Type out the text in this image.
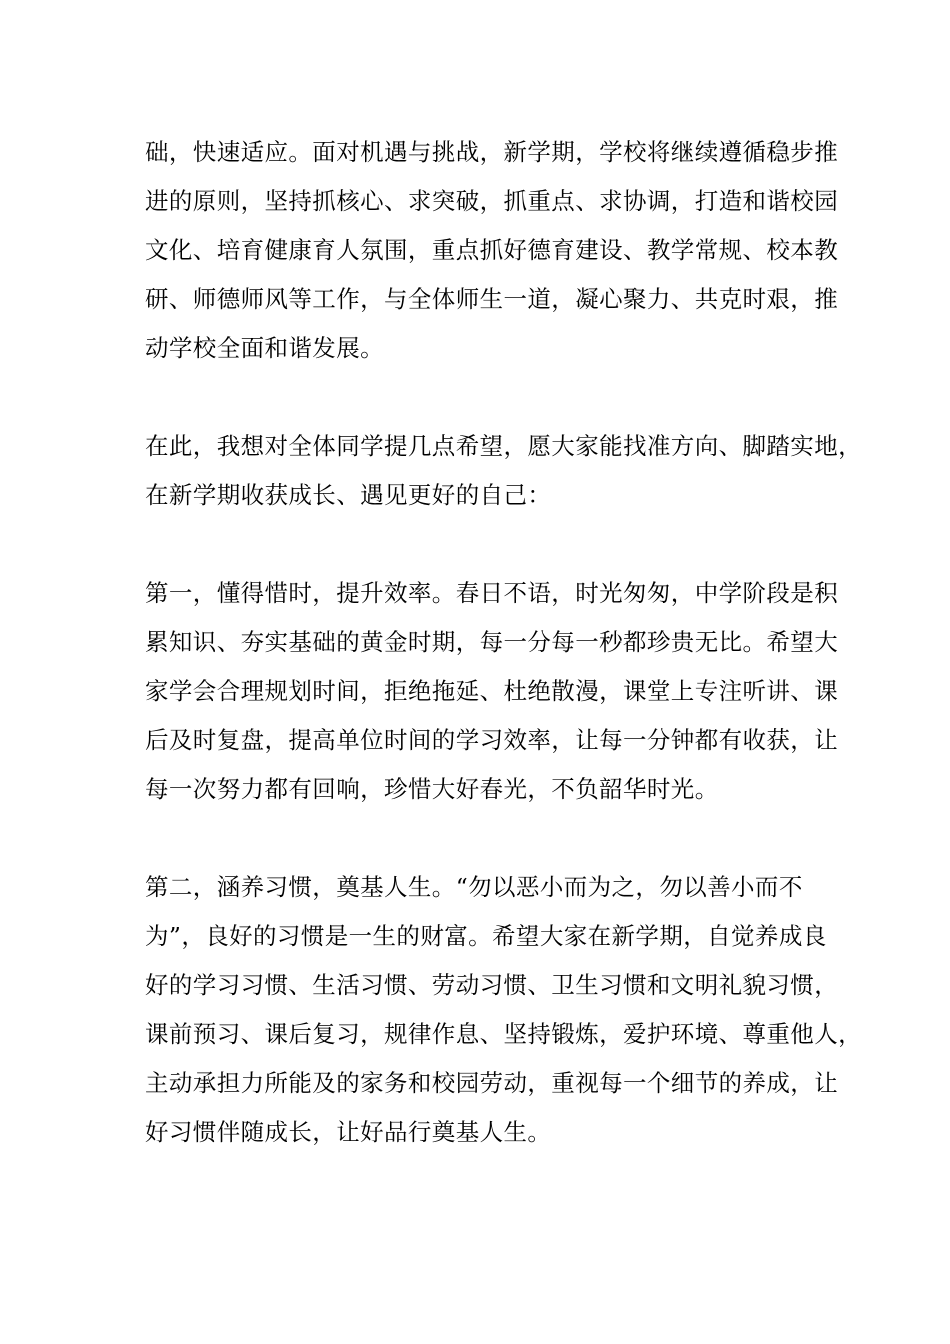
础，快速适应。面对机遇与挑战，新学期，学校将继续遵循稳步推
进的原则，坚持抓核心、求突破，抓重点、求协调，打造和谐校园
文化、培育健康育人氛围，重点抓好德育建设、教学常规、校本教
研、师德师风等工作，与全体师生一道，凝心聚力、共克时艰，推
动学校全面和谐发展。
在此，我想对全体同学提几点希望，愿大家能找准方向、脚踏实地，
在新学期收获成长、遇见更好的自己：
第一，懂得惜时，提升效率。春日不语，时光匆匆，中学阶段是积
累知识、夯实基础的黄金时期，每一分每一秒都珍贵无比。希望大
家学会合理规划时间，拒绝拖延、杜绝散漫，课堂上专注听讲、课
后及时复盘，提高单位时间的学习效率，让每一分钟都有收获，让
每一次努力都有回响，珍惜大好春光，不负韶华时光。
第二，涵养习惯，奠基人生。“勿以恶小而为之，勿以善小而不
为”，良好的习惯是一生的财富。希望大家在新学期，自觉养成良
好的学习习惯、生活习惯、劳动习惯、卫生习惯和文明礼貌习惯，
课前预习、课后复习，规律作息、坚持锻炼，爱护环境、尊重他人，
主动承担力所能及的家务和校园劳动，重视每一个细节的养成，让
好习惯伴随成长，让好品行奠基人生。
